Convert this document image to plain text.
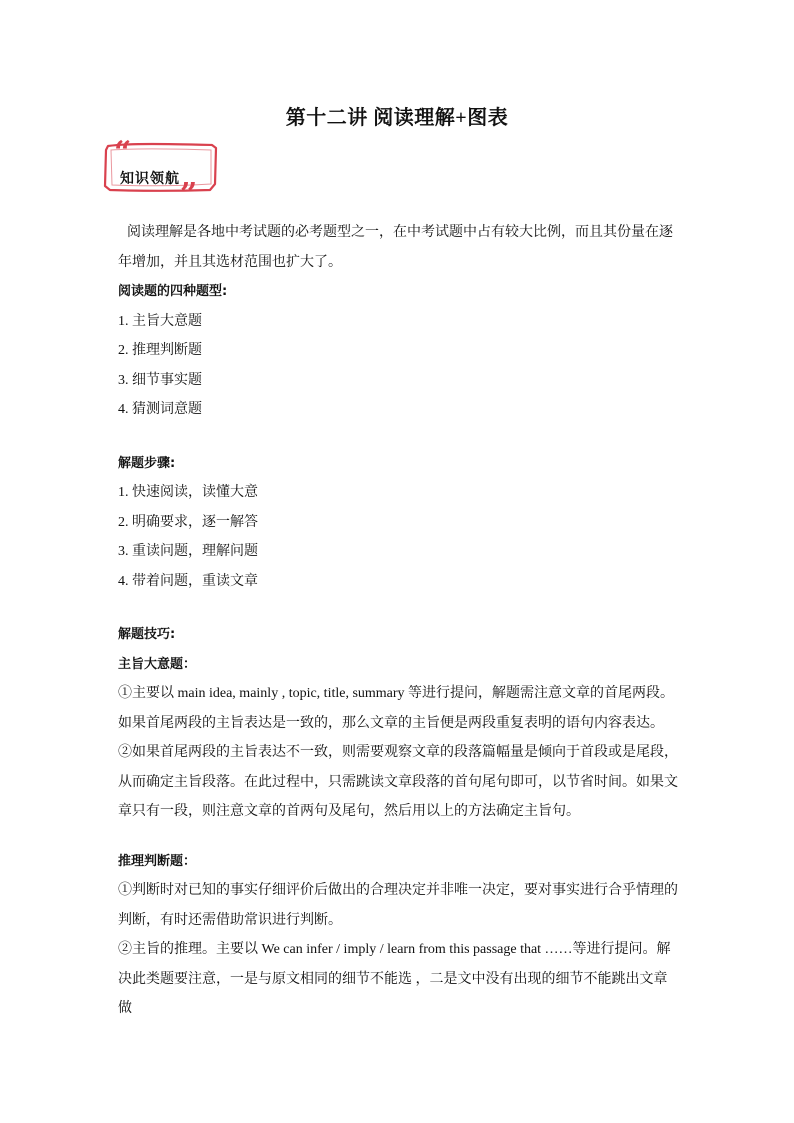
第十二讲 阅读理解+图表
“
”
知识领航

阅读理解是各地中考试题的必考题型之一，在中考试题中占有较大比例，而且其份量在逐年增加，并且其选材范围也扩大了。

阅读题的四种题型:

1. 主旨大意题

2. 推理判断题

3. 细节事实题

4. 猜测词意题

解题步骤:

1. 快速阅读，读懂大意

2. 明确要求，逐一解答

3. 重读问题，理解问题

4. 带着问题，重读文章

解题技巧:

主旨大意题：

①主要以 main idea, mainly , topic, title, summary 等进行提问，解题需注意文章的首尾两段。如果首尾两段的主旨表达是一致的，那么文章的主旨便是两段重复表明的语句内容表达。

②如果首尾两段的主旨表达不一致，则需要观察文章的段落篇幅量是倾向于首段或是尾段，从而确定主旨段落。在此过程中，只需跳读文章段落的首句尾句即可，以节省时间。如果文章只有一段，则注意文章的首两句及尾句，然后用以上的方法确定主旨句。

推理判断题：

①判断时对已知的事实仔细评价后做出的合理决定并非唯一决定，要对事实进行合乎情理的判断，有时还需借助常识进行判断。

②主旨的推理。主要以 We can infer / imply / learn from this passage that ……等进行提问。解决此类题要注意，一是与原文相同的细节不能选 ，二是文中没有出现的细节不能跳出文章做
